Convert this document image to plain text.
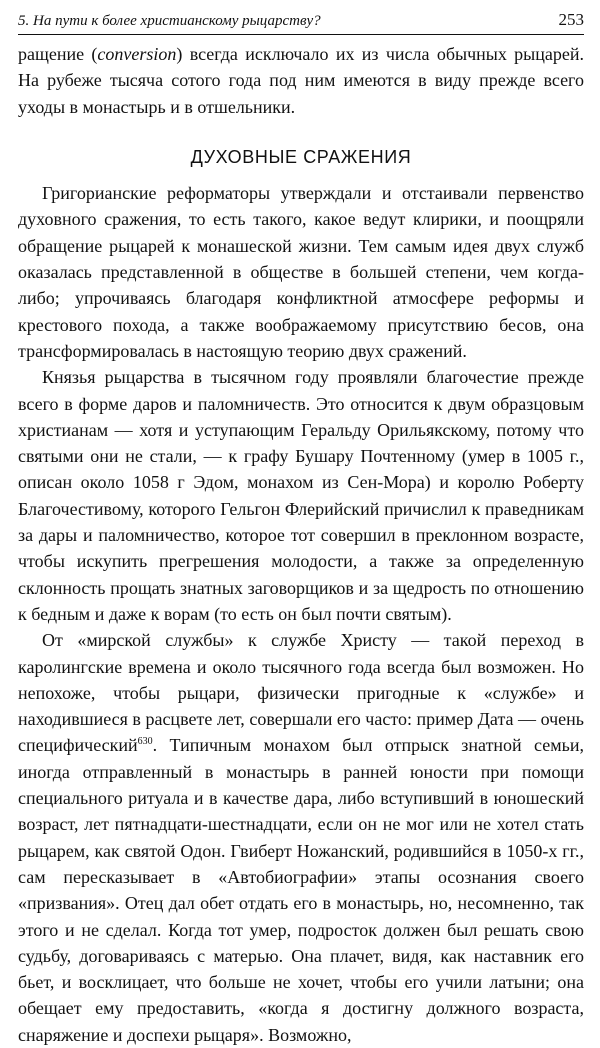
5. На пути к более христианскому рыцарству?	253

ращение (conversion) всегда исключало их из числа обычных рыцарей. На рубеже тысяча сотого года под ним имеются в виду прежде всего уходы в монастырь и в отшельники.

ДУХОВНЫЕ СРАЖЕНИЯ

Григорианские реформаторы утверждали и отстаивали первенство духовного сражения, то есть такого, какое ведут клирики, и поощряли обращение рыцарей к монашеской жизни. Тем самым идея двух служб оказалась представленной в обществе в большей степени, чем когда-либо; упрочиваясь благодаря конфликтной атмосфере реформы и крестового похода, а также воображаемому присутствию бесов, она трансформировалась в настоящую теорию двух сражений.

Князья рыцарства в тысячном году проявляли благочестие прежде всего в форме даров и паломничеств. Это относится к двум образцовым христианам — хотя и уступающим Геральду Орильякскому, потому что святыми они не стали, — к графу Бушару Почтенному (умер в 1005 г., описан около 1058 г Эдом, монахом из Сен-Мора) и королю Роберту Благочестивому, которого Гельгон Флерийский причислил к праведникам за дары и паломничество, которое тот совершил в преклонном возрасте, чтобы искупить прегрешения молодости, а также за определенную склонность прощать знатных заговорщиков и за щедрость по отношению к бедным и даже к ворам (то есть он был почти святым).

От «мирской службы» к службе Христу — такой переход в каролингские времена и около тысячного года всегда был возможен. Но непохоже, чтобы рыцари, физически пригодные к «службе» и находившиеся в расцвете лет, совершали его часто: пример Дата — очень специфический$^{630}$. Типичным монахом был отпрыск знатной семьи, иногда отправленный в монастырь в ранней юности при помощи специального ритуала и в качестве дара, либо вступивший в юношеский возраст, лет пятнадцати-шестнадцати, если он не мог или не хотел стать рыцарем, как святой Одон. Гвиберт Ножанский, родившийся в 1050-х гг., сам пересказывает в «Автобиографии» этапы осознания своего «призвания». Отец дал обет отдать его в монастырь, но, несомненно, так этого и не сделал. Когда тот умер, подросток должен был решать свою судьбу, договариваясь с матерью. Она плачет, видя, как наставник его бьет, и восклицает, что больше не хочет, чтобы его учили латыни; она обещает ему предоставить, «когда я достигну должного возраста, снаряжение и доспехи рыцаря». Возможно,
